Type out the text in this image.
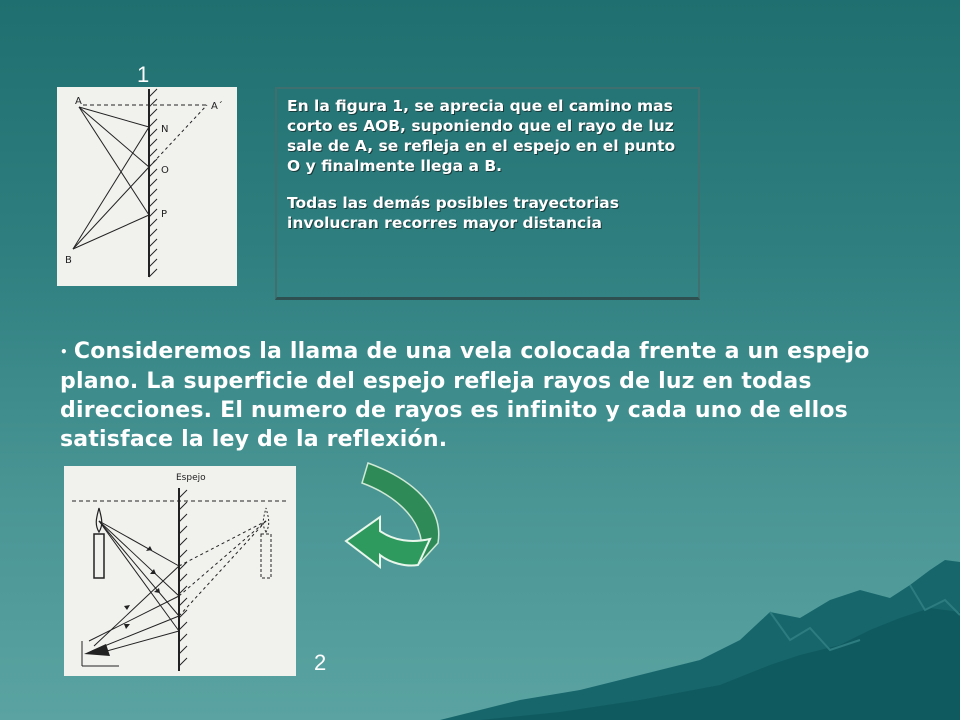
1
A	A´
N
O
P
B

En la figura 1, se aprecia que el camino mas corto es AOB, suponiendo que el rayo de luz sale de A, se refleja en el espejo en el punto O y finalmente llega a B.

Todas las demás posibles trayectorias involucran recorres mayor distancia

• Consideremos la llama de una vela colocada frente a un espejo plano. La superficie del espejo refleja rayos de luz en todas direcciones. El numero de rayos es infinito y cada uno de ellos satisface la ley de la reflexión.
Espejo
2
